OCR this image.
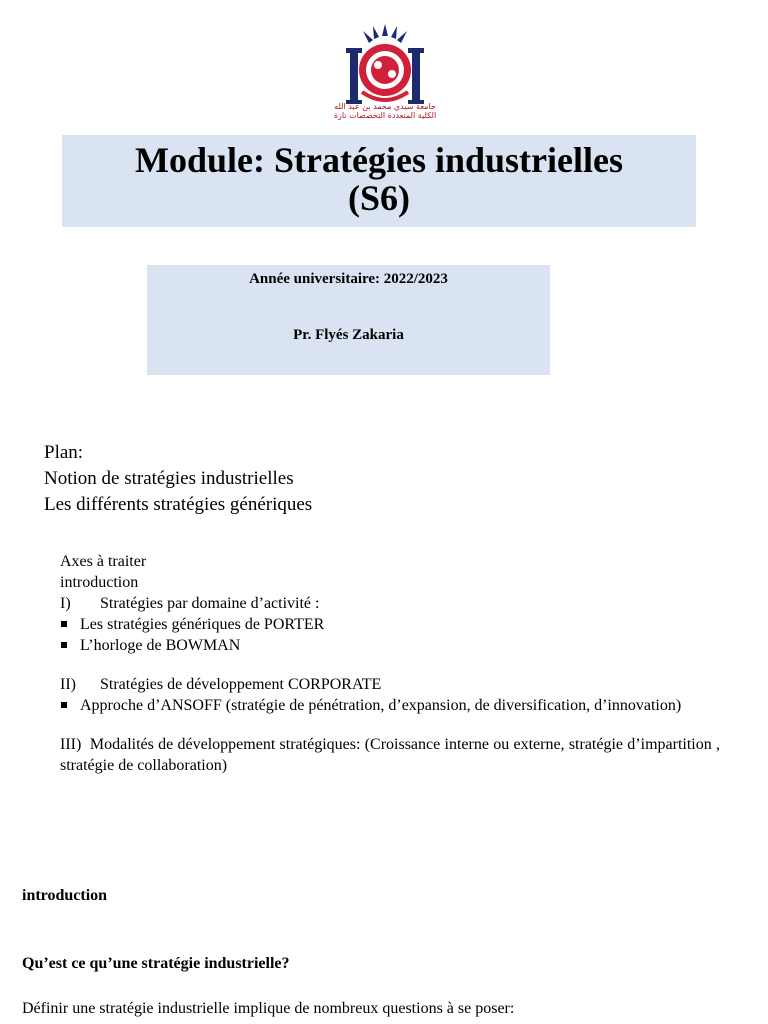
جامعة سيدي محمد بن عبد الله
الكلية المتعددة التخصصات تازة
Module: Stratégies industrielles
(S6)
Année universitaire: 2022/2023
Pr. Flyés Zakaria
Plan:
Notion de stratégies industrielles
Les différents stratégies génériques
Axes à traiter
introduction
I) Stratégies par domaine d’activité :
Les stratégies génériques de PORTER
L’horloge de BOWMAN
II) Stratégies de développement CORPORATE
Approche d’ANSOFF (stratégie de pénétration, d’expansion, de diversification, d’innovation)
III) Modalités de développement stratégiques: (Croissance interne ou externe, stratégie d’impartition , stratégie de collaboration)
introduction
Qu’est ce qu’une stratégie industrielle?
Définir une stratégie industrielle implique de nombreux questions à se poser:
